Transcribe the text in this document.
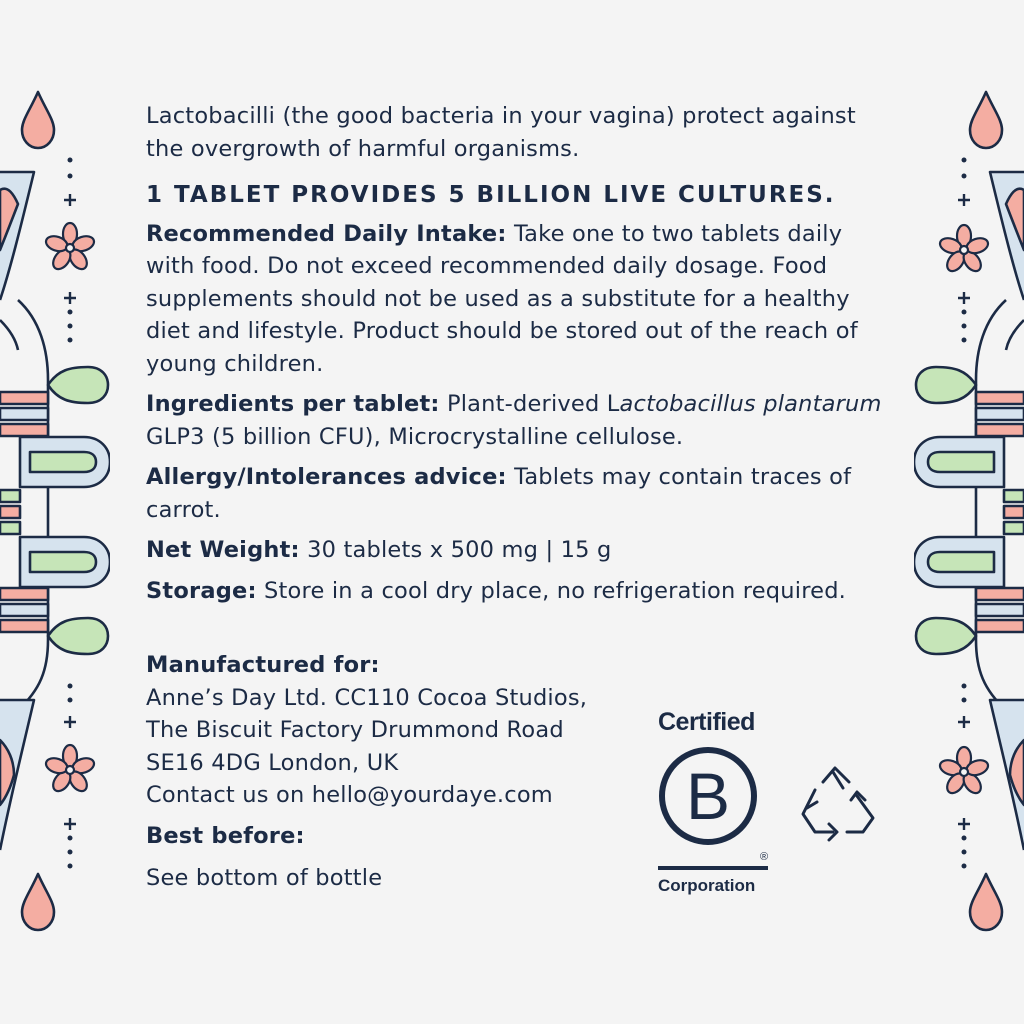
Lactobacilli (the good bacteria in your vagina) protect against the overgrowth of harmful organisms.

1 TABLET PROVIDES 5 BILLION LIVE CULTURES.

Recommended Daily Intake: Take one to two tablets daily with food. Do not exceed recommended daily dosage. Food supplements should not be used as a substitute for a healthy diet and lifestyle. Product should be stored out of the reach of young children.

Ingredients per tablet: Plant-derived Lactobacillus plantarum GLP3 (5 billion CFU), Microcrystalline cellulose.

Allergy/Intolerances advice: Tablets may contain traces of carrot.

Net Weight: 30 tablets x 500 mg | 15 g

Storage: Store in a cool dry place, no refrigeration required.

Manufactured for:

Anne’s Day Ltd. CC110 Cocoa Studios,

The Biscuit Factory Drummond Road

SE16 4DG London, UK

Contact us on hello@yourdaye.com

Best before:

See bottom of bottle

Certified
B
®
Corporation
